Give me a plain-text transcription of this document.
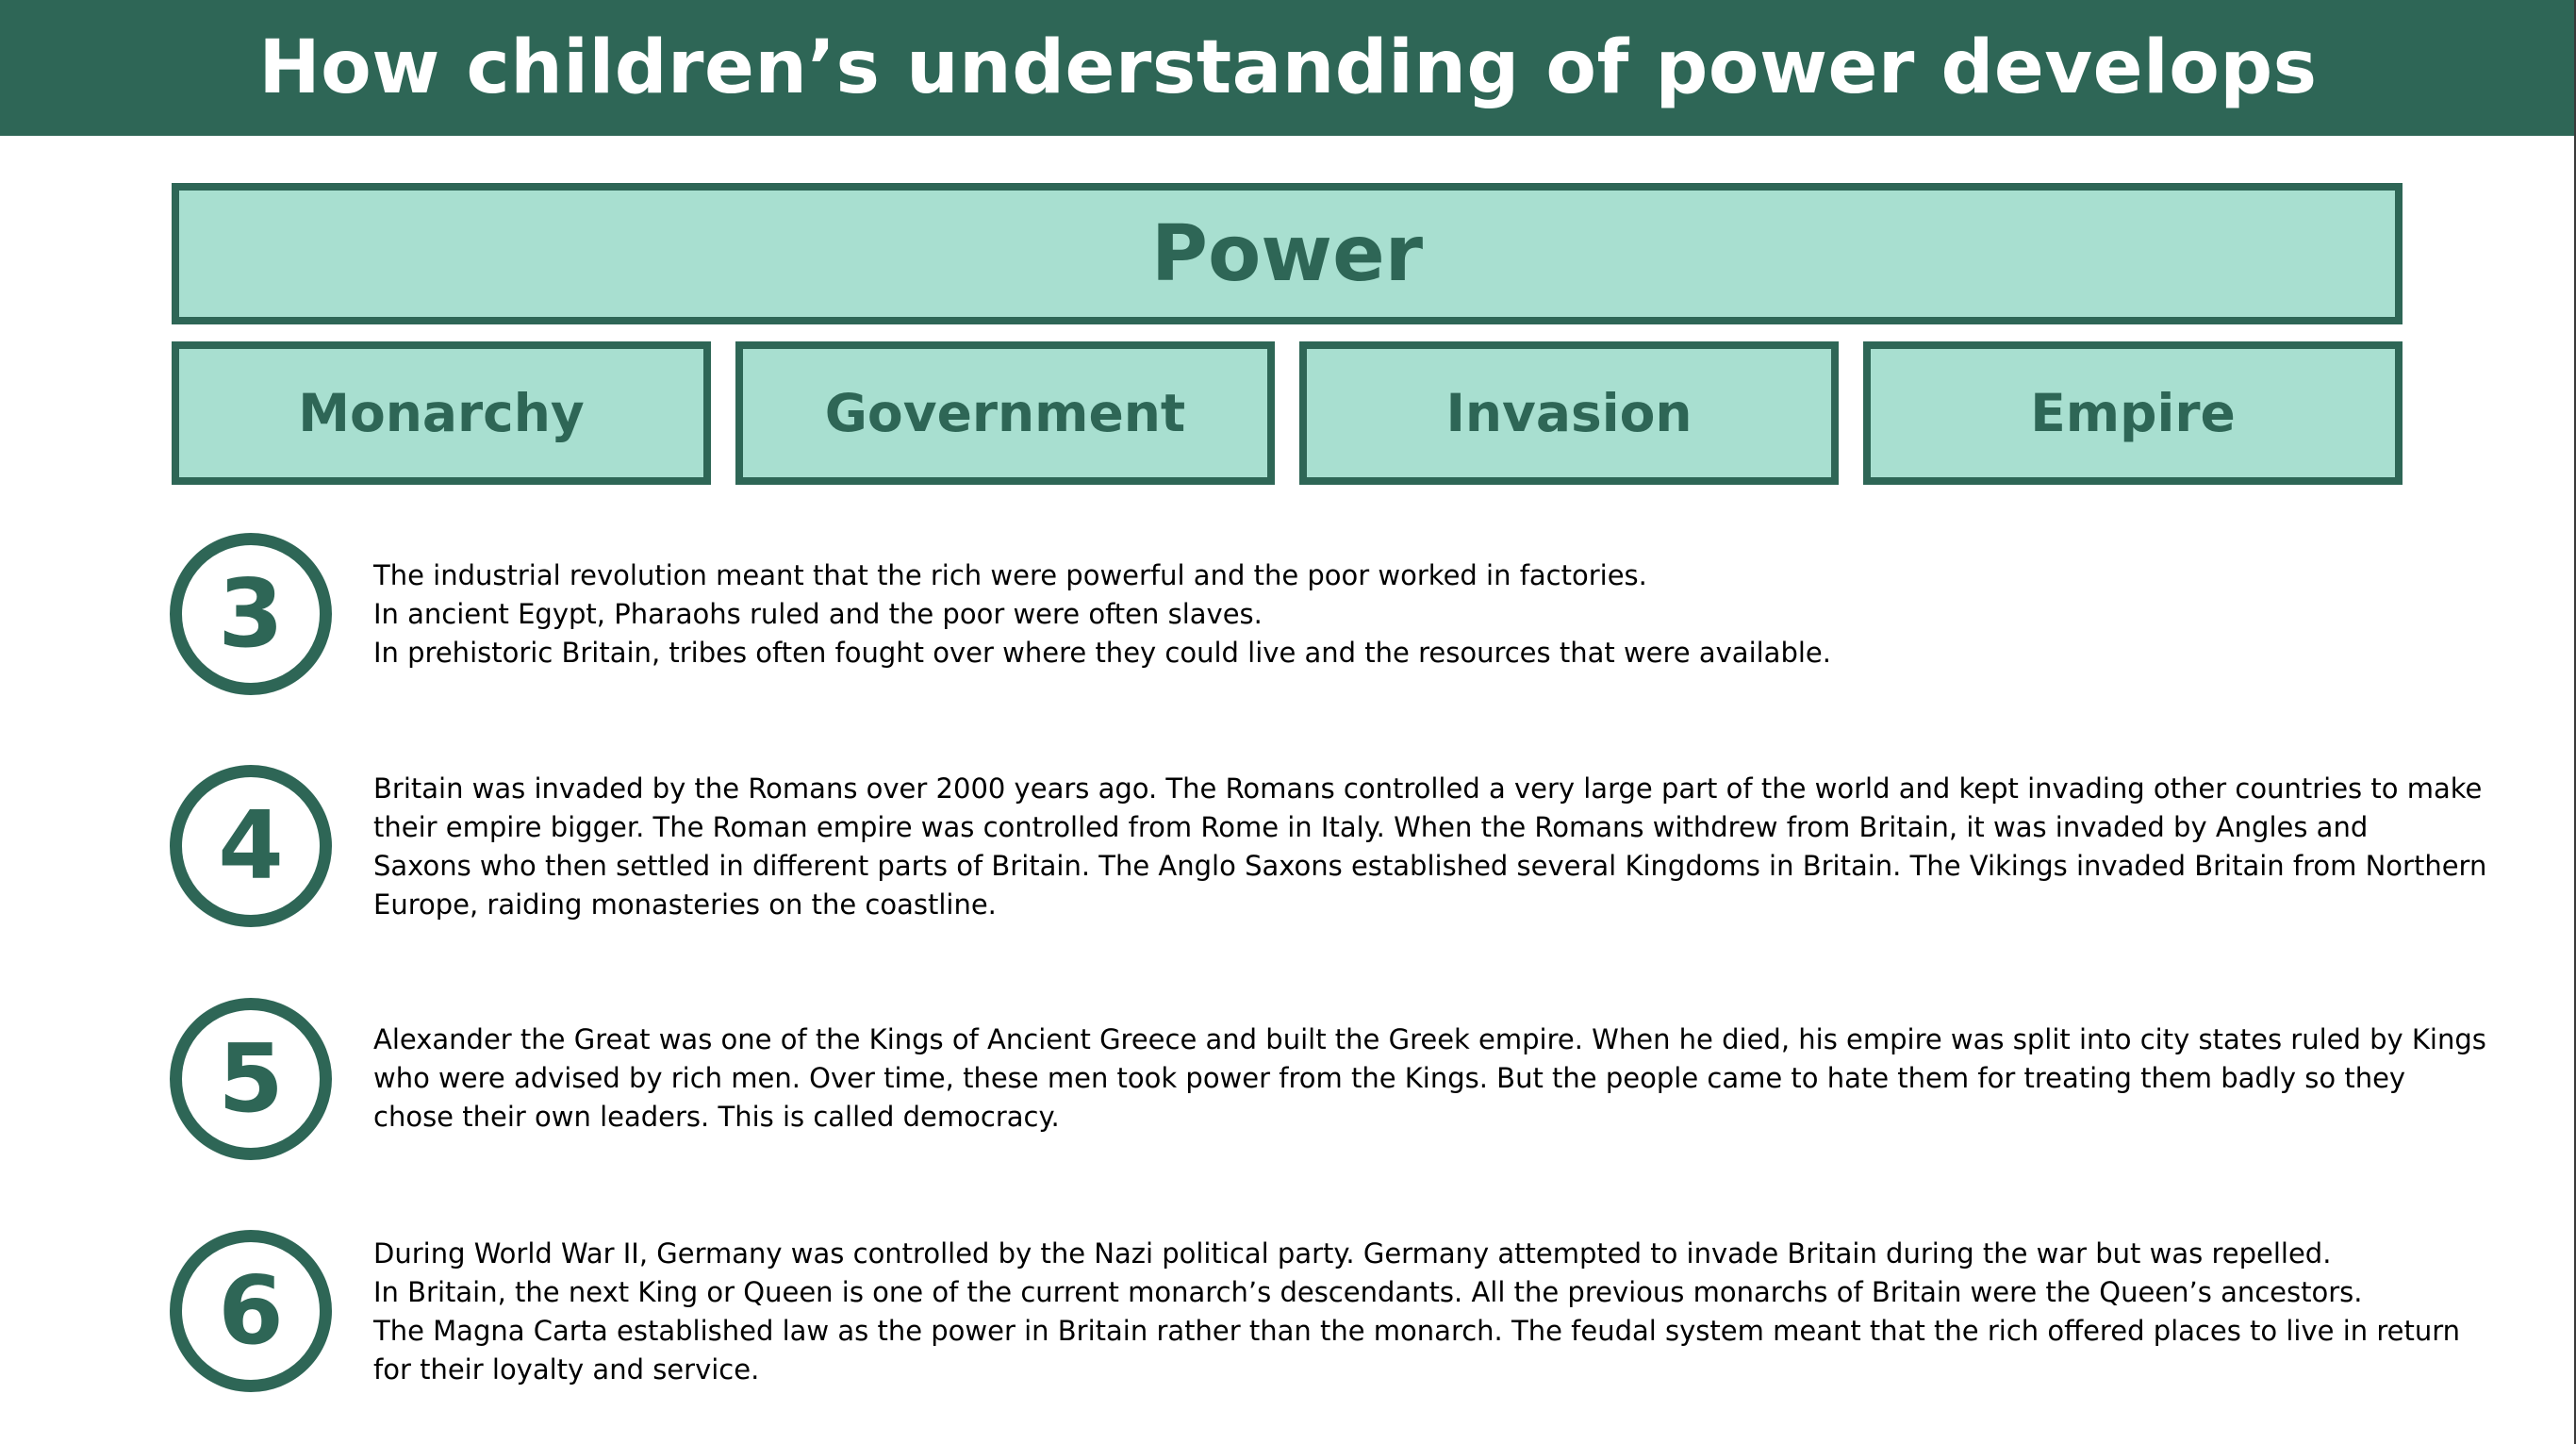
How children’s understanding of power develops
Power
Monarchy	Government	Invasion	Empire
3	The industrial revolution meant that the rich were powerful and the poor worked in factories.
In ancient Egypt, Pharaohs ruled and the poor were often slaves.
In prehistoric Britain, tribes often fought over where they could live and the resources that were available.
4
Britain was invaded by the Romans over 2000 years ago. The Romans controlled a very large part of the world and kept invading other countries to make
their empire bigger. The Roman empire was controlled from Rome in Italy. When the Romans withdrew from Britain, it was invaded by Angles and
Saxons who then settled in different parts of Britain. The Anglo Saxons established several Kingdoms in Britain. The Vikings invaded Britain from Northern
Europe, raiding monasteries on the coastline.
5	Alexander the Great was one of the Kings of Ancient Greece and built the Greek empire. When he died, his empire was split into city states ruled by Kings
who were advised by rich men. Over time, these men took power from the Kings. But the people came to hate them for treating them badly so they
chose their own leaders. This is called democracy.
6
During World War II, Germany was controlled by the Nazi political party. Germany attempted to invade Britain during the war but was repelled.
In Britain, the next King or Queen is one of the current monarch’s descendants. All the previous monarchs of Britain were the Queen’s ancestors.
The Magna Carta established law as the power in Britain rather than the monarch. The feudal system meant that the rich offered places to live in return
for their loyalty and service.
